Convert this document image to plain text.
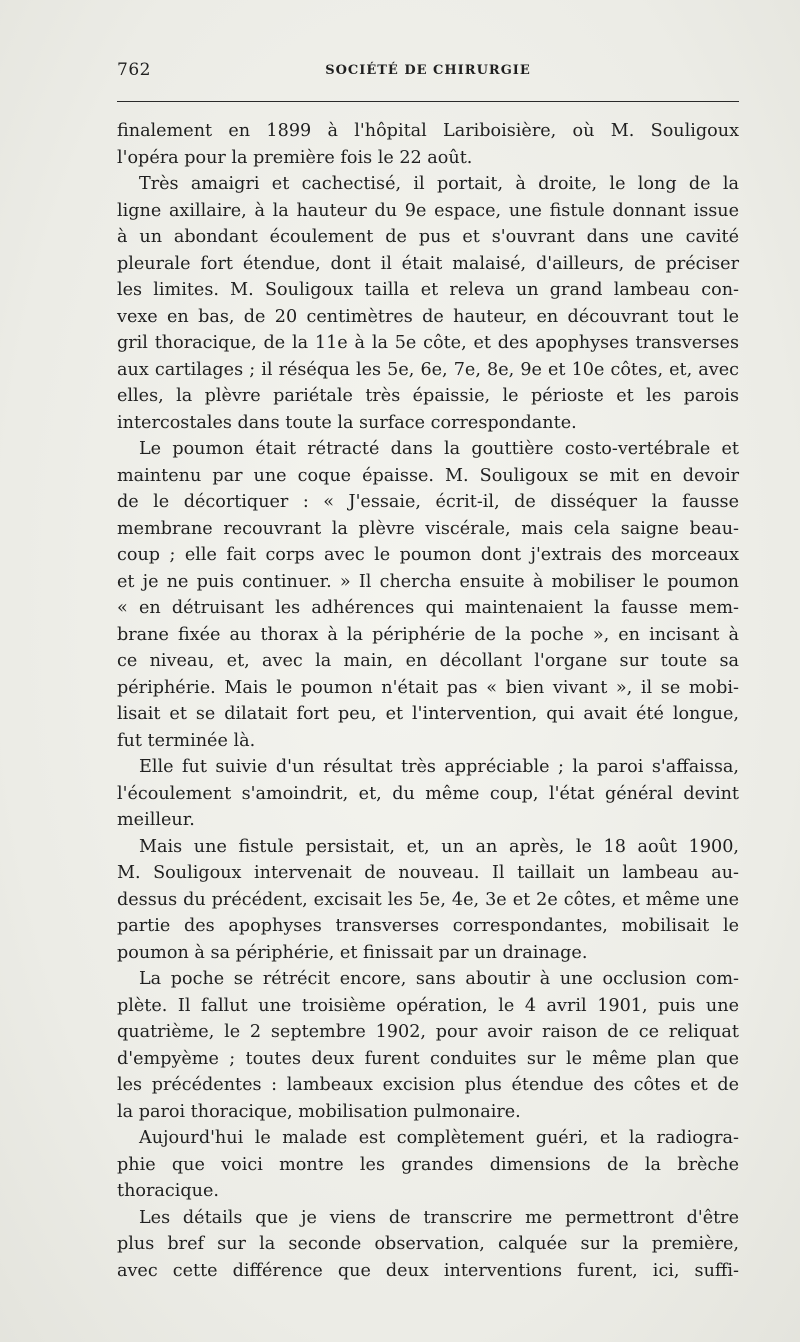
762	SOCIÉTÉ DE CHIRURGIE

finalement en 1899 à l'hôpital Lariboisière, où M. Souligoux
l'opéra pour la première fois le 22 août.

Très amaigri et cachectisé, il portait, à droite, le long de la
ligne axillaire, à la hauteur du 9e espace, une fistule donnant issue
à un abondant écoulement de pus et s'ouvrant dans une cavité
pleurale fort étendue, dont il était malaisé, d'ailleurs, de préciser
les limites. M. Souligoux tailla et releva un grand lambeau con-
vexe en bas, de 20 centimètres de hauteur, en découvrant tout le
gril thoracique, de la 11e à la 5e côte, et des apophyses transverses
aux cartilages ; il réséqua les 5e, 6e, 7e, 8e, 9e et 10e côtes, et, avec
elles, la plèvre pariétale très épaissie, le périoste et les parois
intercostales dans toute la surface correspondante.

Le poumon était rétracté dans la gouttière costo-vertébrale et
maintenu par une coque épaisse. M. Souligoux se mit en devoir
de le décortiquer : « J'essaie, écrit-il, de disséquer la fausse
membrane recouvrant la plèvre viscérale, mais cela saigne beau-
coup ; elle fait corps avec le poumon dont j'extrais des morceaux
et je ne puis continuer. » Il chercha ensuite à mobiliser le poumon
« en détruisant les adhérences qui maintenaient la fausse mem-
brane fixée au thorax à la périphérie de la poche », en incisant à
ce niveau, et, avec la main, en décollant l'organe sur toute sa
périphérie. Mais le poumon n'était pas « bien vivant », il se mobi-
lisait et se dilatait fort peu, et l'intervention, qui avait été longue,
fut terminée là.

Elle fut suivie d'un résultat très appréciable ; la paroi s'affaissa,
l'écoulement s'amoindrit, et, du même coup, l'état général devint
meilleur.

Mais une fistule persistait, et, un an après, le 18 août 1900,
M. Souligoux intervenait de nouveau. Il taillait un lambeau au-
dessus du précédent, excisait les 5e, 4e, 3e et 2e côtes, et même une
partie des apophyses transverses correspondantes, mobilisait le
poumon à sa périphérie, et finissait par un drainage.

La poche se rétrécit encore, sans aboutir à une occlusion com-
plète. Il fallut une troisième opération, le 4 avril 1901, puis une
quatrième, le 2 septembre 1902, pour avoir raison de ce reliquat
d'empyème ; toutes deux furent conduites sur le même plan que
les précédentes : lambeaux excision plus étendue des côtes et de
la paroi thoracique, mobilisation pulmonaire.

Aujourd'hui le malade est complètement guéri, et la radiogra-
phie que voici montre les grandes dimensions de la brèche
thoracique.

Les détails que je viens de transcrire me permettront d'être
plus bref sur la seconde observation, calquée sur la première,
avec cette différence que deux interventions furent, ici, suffi-
